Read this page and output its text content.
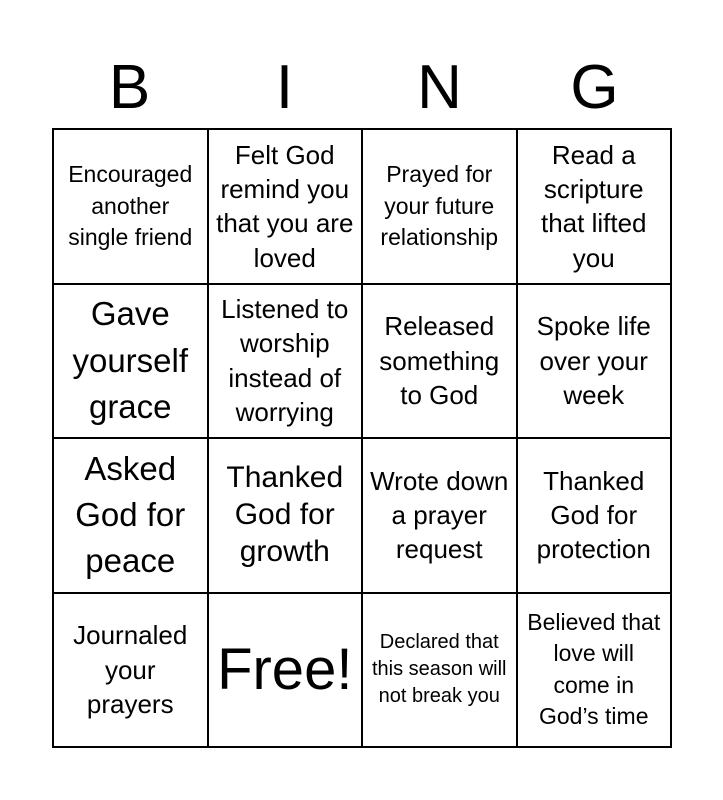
B	I	N	G
Encouraged another single friend
Felt God remind you that you are loved
Prayed for your future relationship
Read a scripture that lifted you
Gave yourself grace
Listened to worship instead of worrying
Released something to God
Spoke life over your week
Asked God for peace
Thanked God for growth
Wrote down a prayer request
Thanked God for protection
Journaled your prayers
Free!	Declared that this season will not break you
Believed that love will come in God’s time
